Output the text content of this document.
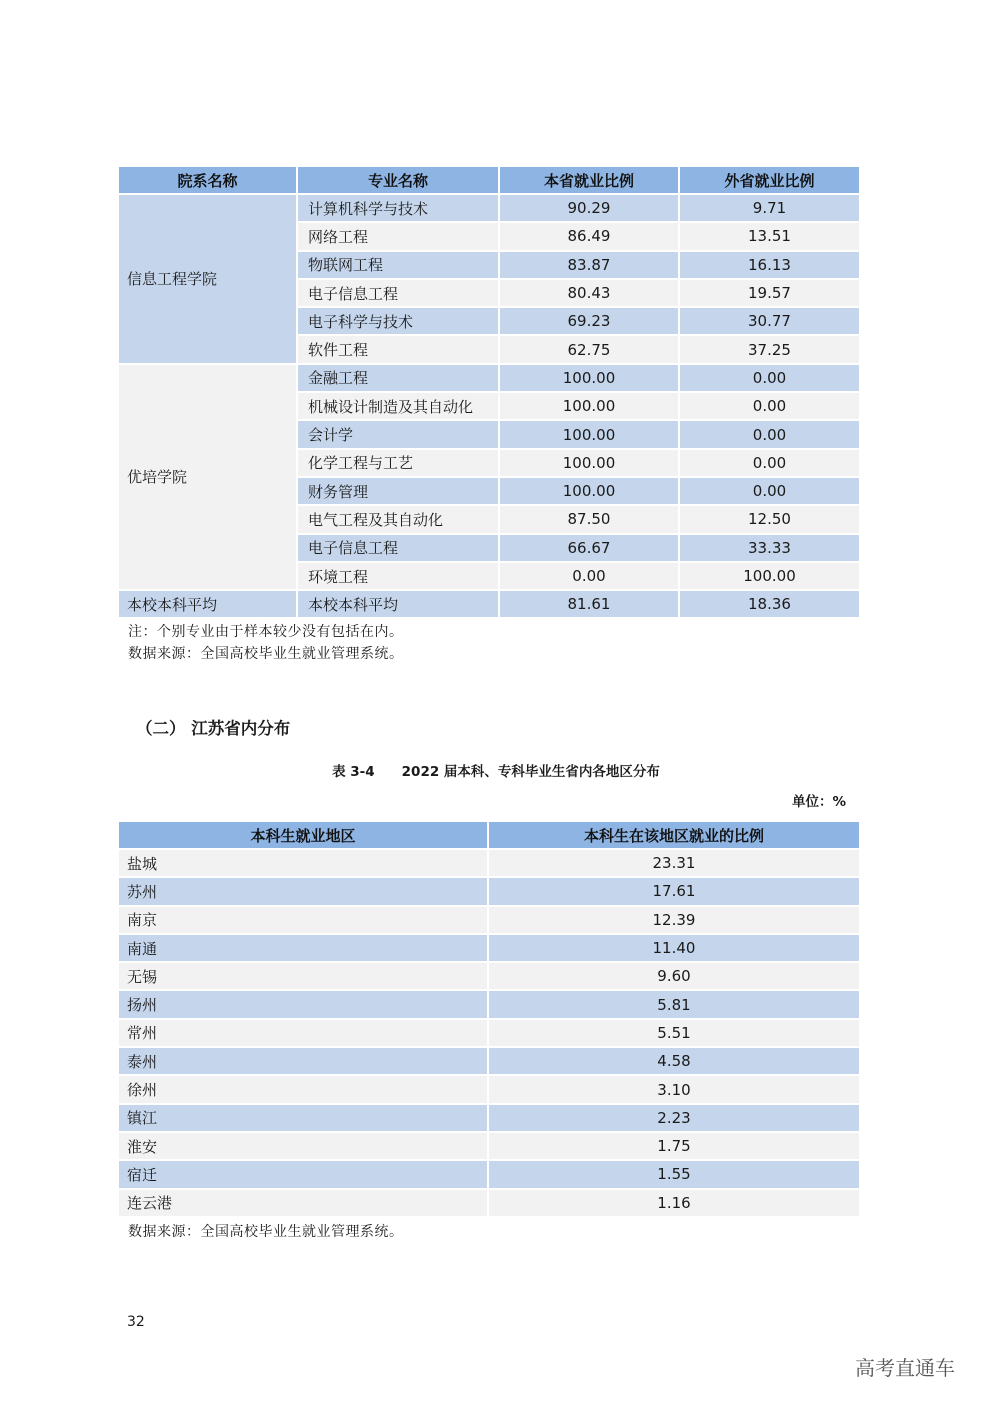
院系名称	专业名称	本省就业比例	外省就业比例
信息工程学院	计算机科学与技术	90.29	9.71
	网络工程	86.49	13.51
	物联网工程	83.87	16.13
	电子信息工程	80.43	19.57
	电子科学与技术	69.23	30.77
	软件工程	62.75	37.25
优培学院	金融工程	100.00	0.00
	机械设计制造及其自动化	100.00	0.00
	会计学	100.00	0.00
	化学工程与工艺	100.00	0.00
	财务管理	100.00	0.00
	电气工程及其自动化	87.50	12.50
	电子信息工程	66.67	33.33
	环境工程	0.00	100.00
本校本科平均	本校本科平均	81.61	18.36
注：个别专业由于样本较少没有包括在内。
数据来源：全国高校毕业生就业管理系统。
（二） 江苏省内分布
表 3-4　　2022 届本科、专科毕业生省内各地区分布
单位：%
本科生就业地区	本科生在该地区就业的比例
盐城	23.31
苏州	17.61
南京	12.39
南通	11.40
无锡	9.60
扬州	5.81
常州	5.51
泰州	4.58
徐州	3.10
镇江	2.23
淮安	1.75
宿迁	1.55
连云港	1.16
数据来源：全国高校毕业生就业管理系统。
32
高考直通车
